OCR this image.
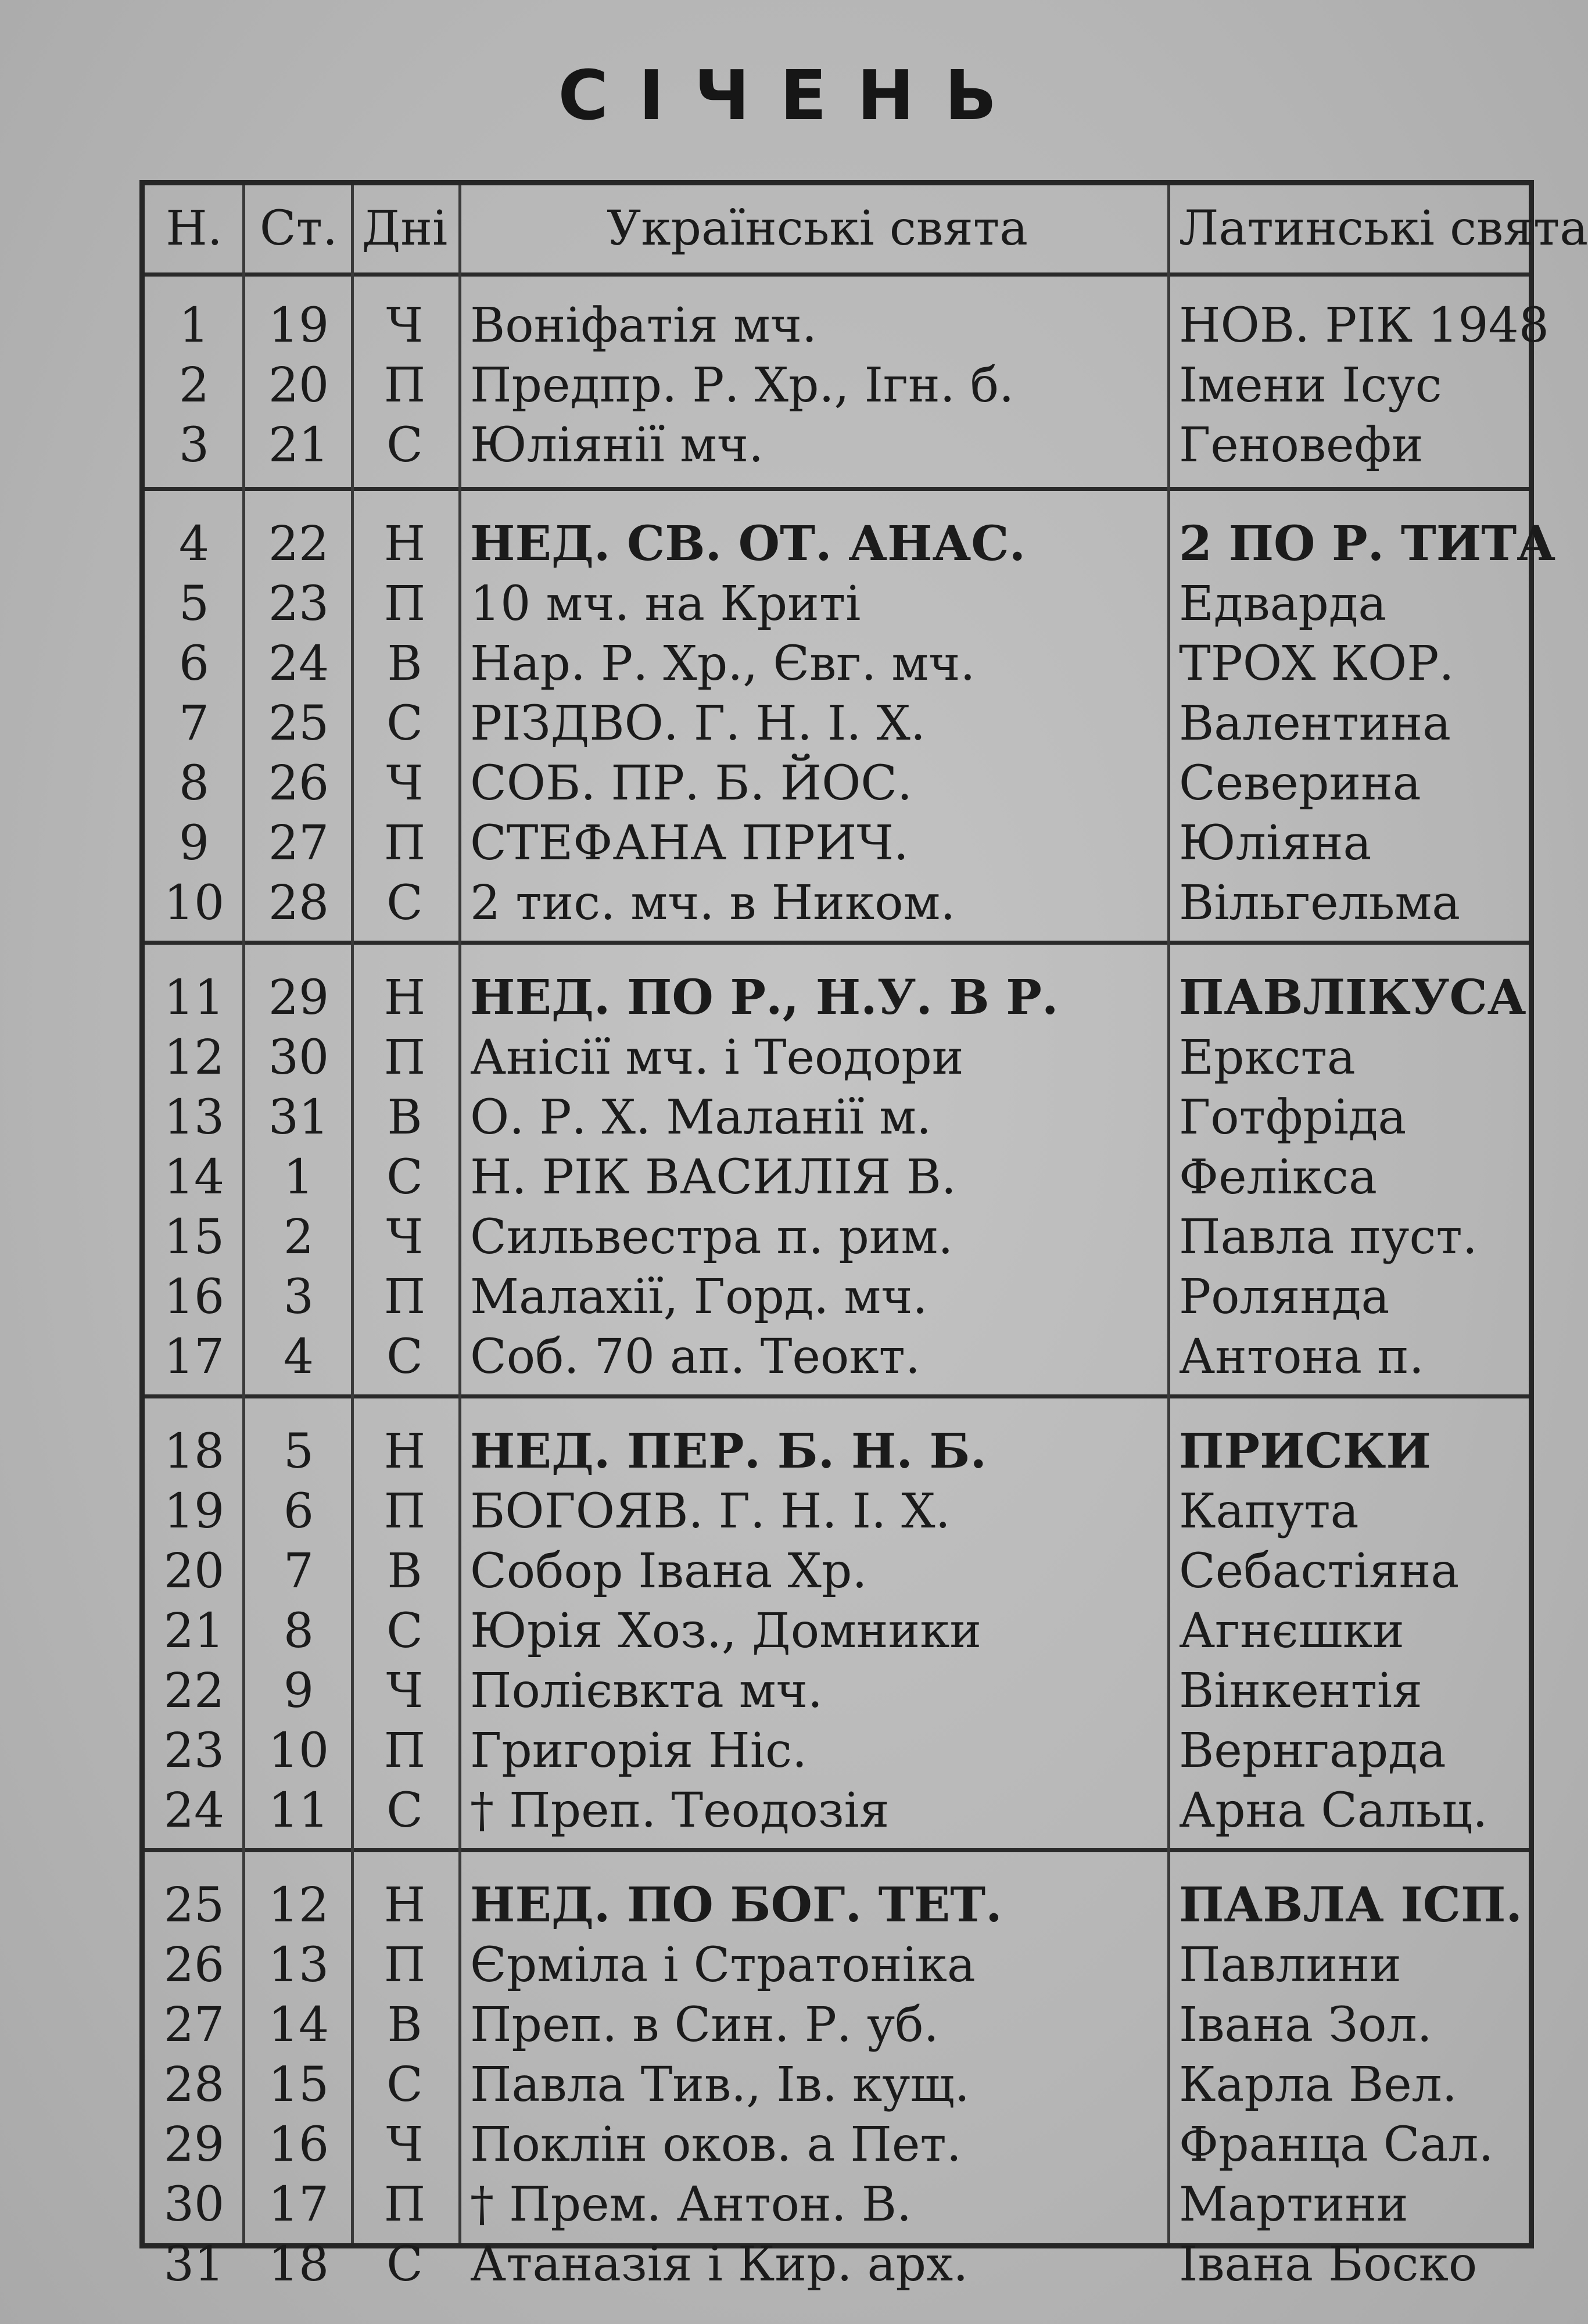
СІЧЕНЬ
Н. Ст. Дні	Українські свята	Латинські свята
1	19	Ч Воніфатія мч.	НОВ. РІК 1948
2	20	П Предпр. Р. Хр., Ігн. б.	Імени Ісус
3	21	С Юліянії мч.	Геновефи
4	22	Н НЕД. СВ. ОТ. АНАС.	2 ПО Р. ТИТА
5	23	П 10 мч. на Криті	Едварда
6	24	В	Нар. Р. Хр., Євг. мч.	ТРОХ КОР.
7	25	С РІЗДВО. Г. Н. І. Х.	Валентина
8	26	Ч СОБ. ПР. Б. ЙОС.	Северина
9	27	П СТЕФАНА ПРИЧ.	Юліяна
10 28	С 2 тис. мч. в Ником.	Вільгельма
11 29	Н НЕД. ПО Р., Н.У. В Р.	ПАВЛІКУСА
12 30	П Анісії мч. і Теодори	Еркста
13 31	В	О. Р. Х. Маланії м.	Готфріда
14	1	С Н. РІК ВАСИЛІЯ В.	Фелікса
15	2	Ч Сильвестра п. рим.	Павла пуст.
16	3	П Малахії, Горд. мч.	Роляндa
17	4	С Соб. 70 ап. Теокт.	Антона п.
18	5	Н НЕД. ПЕР. Б. Н. Б.	ПРИСКИ
19	6	П БОГОЯВ. Г. Н. І. Х.	Капута
20	7	В	Собор Івана Хр.	Себастіяна
21	8	С Юрія Хоз., Домники	Агнєшки
22	9	Ч Полієвкта мч.	Вінкентія
23 10	П Григорія Ніс.	Вернгарда
24 11	С † Преп. Теодозія	Арна Сальц.
25 12	Н НЕД. ПО БОГ. ТЕТ.	ПАВЛА ІСП.
26 13	П Єрміла і Стратоніка	Павлини
27 14	В	Преп. в Син. Р. уб.	Івана Зол.
28 15	С Павла Тив., Ів. кущ.	Карла Вел.
29 16	Ч Поклін оков. а Пет.	Франца Сал.
30 17	П † Прем. Антон. В.	Мартини
31 18	С Атаназія і Кир. арх.	Івана Боско
